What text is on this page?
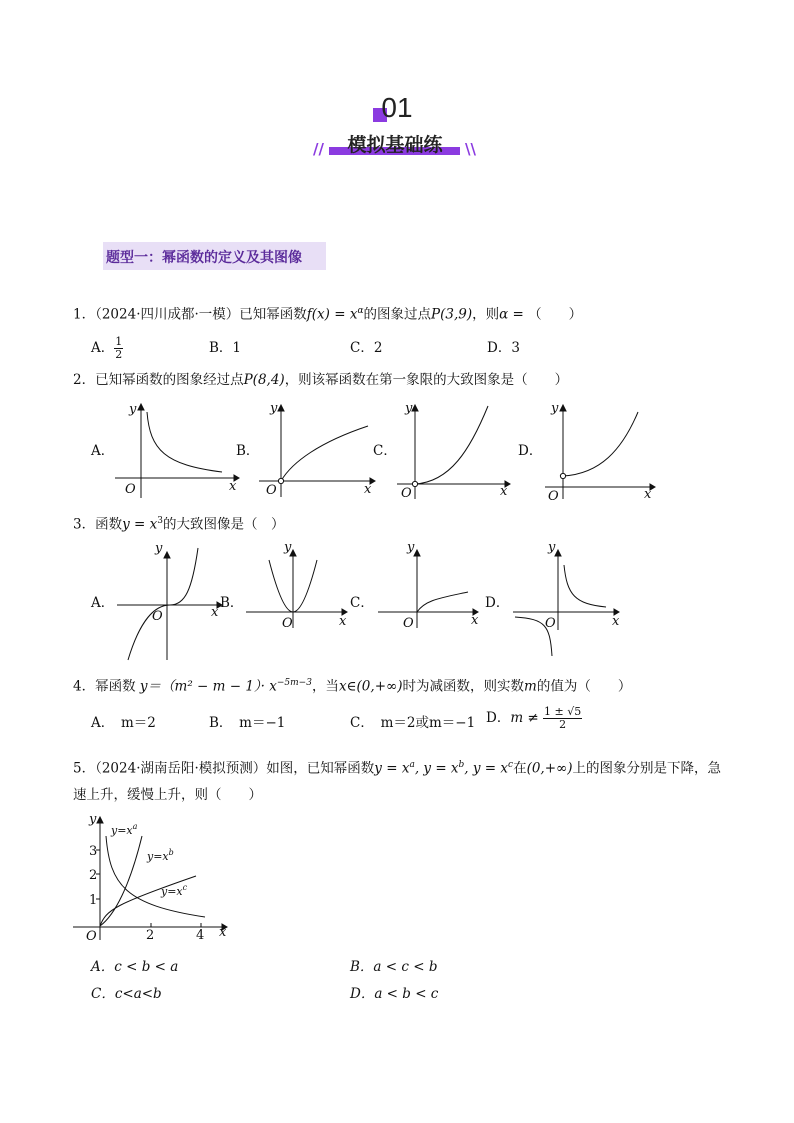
01
模拟基础练
//	\\
题型一：幂函数的定义及其图像
1．（2024·四川成都·一模）已知幂函数$f(x) = x^\alpha$的图象过点P(3,9)，则α = （　　）
A． $\frac{1}{2}$	B．1	C．2	D．3
2．已知幂函数的图象经过点P(8,4)，则该幂函数在第一象限的大致图象是（　　）
A．	B．	C．	D．
y
x
O
y
x
O
y
x
O
y
x
O
y
x
O
y
x
O
y
x
O
y
x
O
y
x
O
1
2
3
2	4
$y=x^a$
$y=x^b$
$y=x^c$
3．函数$y = x^3$的大致图像是（　）
A．	B．	C．	D．
4．幂函数 $y=(m^2 - m - 1)\cdot x^{-5m-3}$，当x∈(0,+∞)时为减函数，则实数m的值为（　　）
A．　m＝2	B．　m＝−1	C．　m＝2或m＝−1 D．$m \ne \frac{1 \pm √5}{2}$
5．（2024·湖南岳阳·模拟预测）如图，已知幂函数$y = x^a$, $y = x^b$, $y = x^c$在(0,+∞)上的图象分别是下降，急
速上升，缓慢上升，则（　　）
A．c < b < a	B．a < c < b
C．c<a<b	D．a < b < c
